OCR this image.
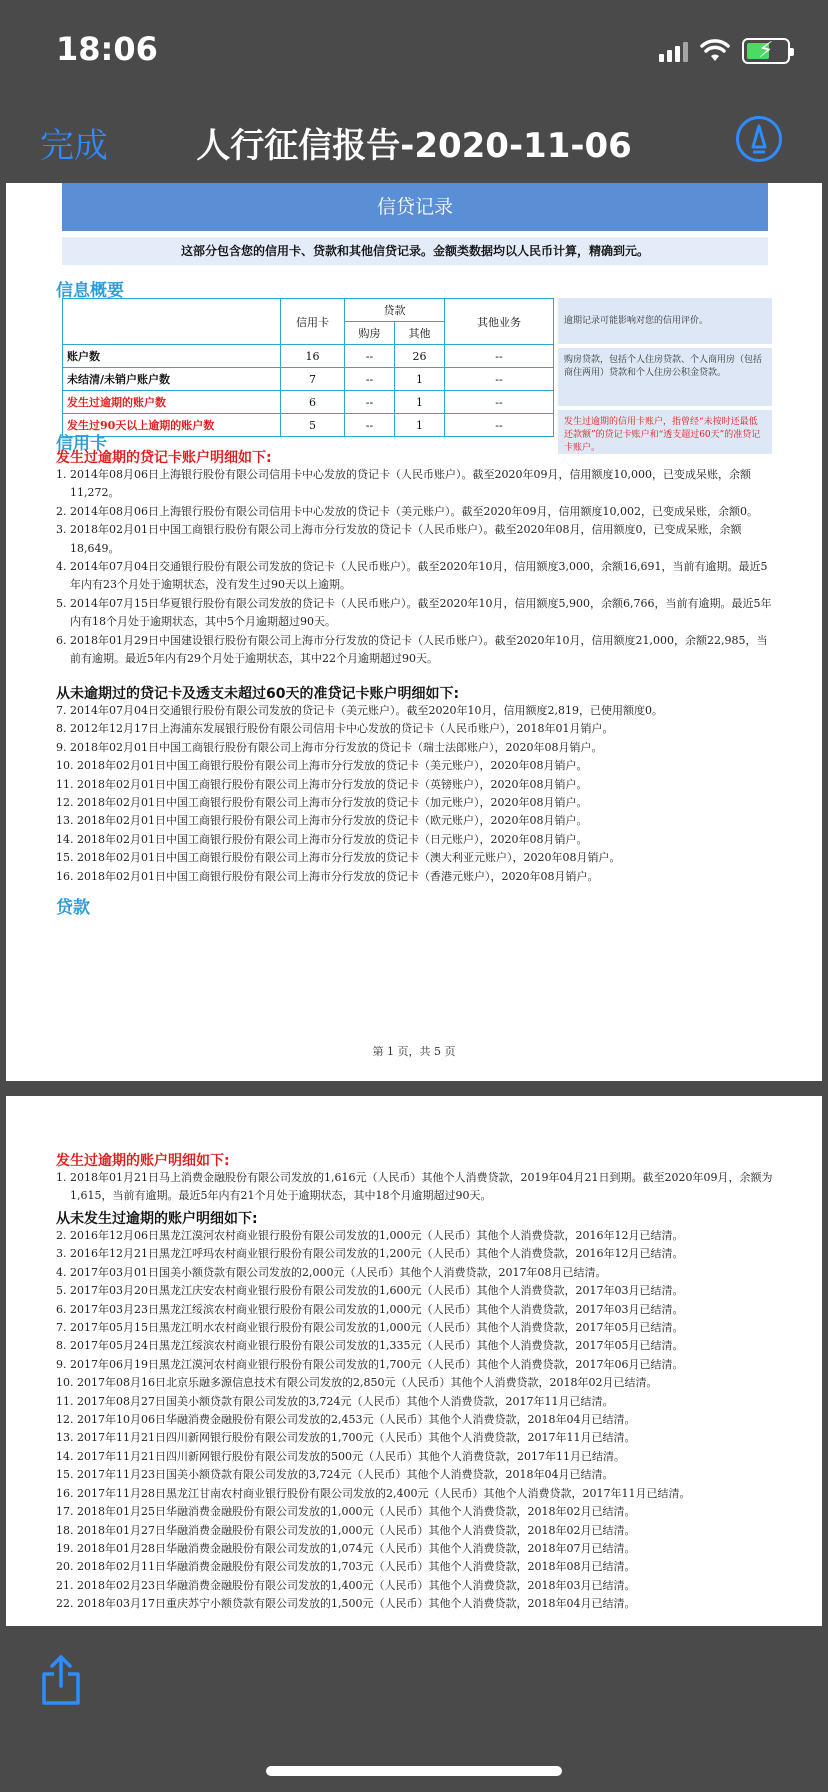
18:06	⚡
完成	人行征信报告-2020-11-06
信贷记录
这部分包含您的信用卡、贷款和其他信贷记录。金额类数据均以人民币计算，精确到元。
信息概要
	信用卡	贷款		其他业务
		购房	其他	
账户数	16	--	26	--
未结清/未销户账户数	7	--	1	--
发生过逾期的账户数	6	--	1	--
发生过90天以上逾期的账户数	5	--	1	--
逾期记录可能影响对您的信用评价。
购房贷款，包括个人住房贷款、个人商用房（包括商住两用）贷款和个人住房公积金贷款。
发生过逾期的信用卡账户，指曾经“未按时还最低还款额”的贷记卡账户和“透支超过60天”的准贷记卡账户。
信用卡
发生过逾期的贷记卡账户明细如下:
1. 2014年08月06日上海银行股份有限公司信用卡中心发放的贷记卡（人民币账户）。截至2020年09月，信用额度10,000，已变成呆账，余额11,272。
2. 2014年08月06日上海银行股份有限公司信用卡中心发放的贷记卡（美元账户）。截至2020年09月，信用额度10,002，已变成呆账，余额0。
3. 2018年02月01日中国工商银行股份有限公司上海市分行发放的贷记卡（人民币账户）。截至2020年08月，信用额度0，已变成呆账，余额18,649。
4. 2014年07月04日交通银行股份有限公司发放的贷记卡（人民币账户）。截至2020年10月，信用额度3,000，余额16,691，当前有逾期。最近5年内有23个月处于逾期状态，没有发生过90天以上逾期。
5. 2014年07月15日华夏银行股份有限公司发放的贷记卡（人民币账户）。截至2020年10月，信用额度5,900，余额6,766，当前有逾期。最近5年内有18个月处于逾期状态，其中5个月逾期超过90天。
6. 2018年01月29日中国建设银行股份有限公司上海市分行发放的贷记卡（人民币账户）。截至2020年10月，信用额度21,000，余额22,985，当前有逾期。最近5年内有29个月处于逾期状态，其中22个月逾期超过90天。
从未逾期过的贷记卡及透支未超过60天的准贷记卡账户明细如下:
7. 2014年07月04日交通银行股份有限公司发放的贷记卡（美元账户）。截至2020年10月，信用额度2,819，已使用额度0。
8. 2012年12月17日上海浦东发展银行股份有限公司信用卡中心发放的贷记卡（人民币账户），2018年01月销户。
9. 2018年02月01日中国工商银行股份有限公司上海市分行发放的贷记卡（瑞士法郎账户），2020年08月销户。
10. 2018年02月01日中国工商银行股份有限公司上海市分行发放的贷记卡（美元账户），2020年08月销户。
11. 2018年02月01日中国工商银行股份有限公司上海市分行发放的贷记卡（英镑账户），2020年08月销户。
12. 2018年02月01日中国工商银行股份有限公司上海市分行发放的贷记卡（加元账户），2020年08月销户。
13. 2018年02月01日中国工商银行股份有限公司上海市分行发放的贷记卡（欧元账户），2020年08月销户。
14. 2018年02月01日中国工商银行股份有限公司上海市分行发放的贷记卡（日元账户），2020年08月销户。
15. 2018年02月01日中国工商银行股份有限公司上海市分行发放的贷记卡（澳大利亚元账户），2020年08月销户。
16. 2018年02月01日中国工商银行股份有限公司上海市分行发放的贷记卡（香港元账户），2020年08月销户。
贷款
第 1 页，共 5 页
发生过逾期的账户明细如下:
1. 2018年01月21日马上消费金融股份有限公司发放的1,616元（人民币）其他个人消费贷款，2019年04月21日到期。截至2020年09月，余额为1,615，当前有逾期。最近5年内有21个月处于逾期状态，其中18个月逾期超过90天。
从未发生过逾期的账户明细如下:
2. 2016年12月06日黑龙江漠河农村商业银行股份有限公司发放的1,000元（人民币）其他个人消费贷款，2016年12月已结清。
3. 2016年12月21日黑龙江呼玛农村商业银行股份有限公司发放的1,200元（人民币）其他个人消费贷款，2016年12月已结清。
4. 2017年03月01日国美小额贷款有限公司发放的2,000元（人民币）其他个人消费贷款，2017年08月已结清。
5. 2017年03月20日黑龙江庆安农村商业银行股份有限公司发放的1,600元（人民币）其他个人消费贷款，2017年03月已结清。
6. 2017年03月23日黑龙江绥滨农村商业银行股份有限公司发放的1,000元（人民币）其他个人消费贷款，2017年03月已结清。
7. 2017年05月15日黑龙江明水农村商业银行股份有限公司发放的1,000元（人民币）其他个人消费贷款，2017年05月已结清。
8. 2017年05月24日黑龙江绥滨农村商业银行股份有限公司发放的1,335元（人民币）其他个人消费贷款，2017年05月已结清。
9. 2017年06月19日黑龙江漠河农村商业银行股份有限公司发放的1,700元（人民币）其他个人消费贷款，2017年06月已结清。
10. 2017年08月16日北京乐融多源信息技术有限公司发放的2,850元（人民币）其他个人消费贷款，2018年02月已结清。
11. 2017年08月27日国美小额贷款有限公司发放的3,724元（人民币）其他个人消费贷款，2017年11月已结清。
12. 2017年10月06日华融消费金融股份有限公司发放的2,453元（人民币）其他个人消费贷款，2018年04月已结清。
13. 2017年11月21日四川新网银行股份有限公司发放的1,700元（人民币）其他个人消费贷款，2017年11月已结清。
14. 2017年11月21日四川新网银行股份有限公司发放的500元（人民币）其他个人消费贷款，2017年11月已结清。
15. 2017年11月23日国美小额贷款有限公司发放的3,724元（人民币）其他个人消费贷款，2018年04月已结清。
16. 2017年11月28日黑龙江甘南农村商业银行股份有限公司发放的2,400元（人民币）其他个人消费贷款，2017年11月已结清。
17. 2018年01月25日华融消费金融股份有限公司发放的1,000元（人民币）其他个人消费贷款，2018年02月已结清。
18. 2018年01月27日华融消费金融股份有限公司发放的1,000元（人民币）其他个人消费贷款，2018年02月已结清。
19. 2018年01月28日华融消费金融股份有限公司发放的1,074元（人民币）其他个人消费贷款，2018年07月已结清。
20. 2018年02月11日华融消费金融股份有限公司发放的1,703元（人民币）其他个人消费贷款，2018年08月已结清。
21. 2018年02月23日华融消费金融股份有限公司发放的1,400元（人民币）其他个人消费贷款，2018年03月已结清。
22. 2018年03月17日重庆苏宁小额贷款有限公司发放的1,500元（人民币）其他个人消费贷款，2018年04月已结清。
